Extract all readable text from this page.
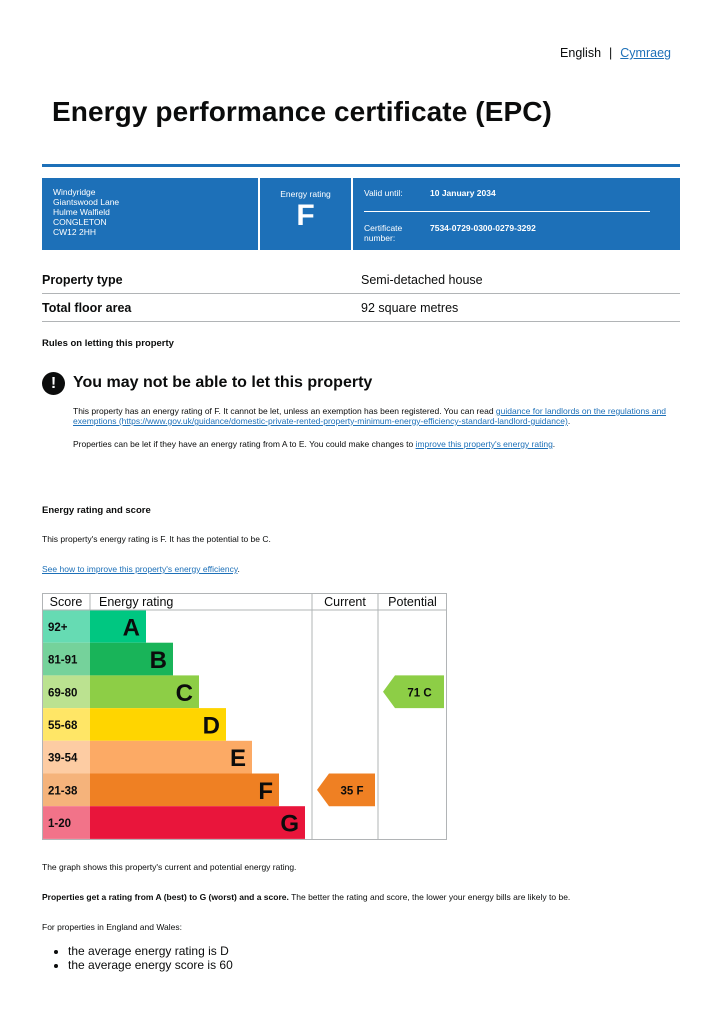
English | Cymraeg
Energy performance certificate (EPC)
Windyridge
Giantswood Lane
Hulme Walfield
CONGLETON
CW12 2HH
Energy rating
F
Valid until:	10 January 2034
Certificate
number:
7534-0729-0300-0279-3292
Property type	Semi-detached house
Total floor area	92 square metres
Rules on letting this property
!	You may not be able to let this property
This property has an energy rating of F. It cannot be let, unless an exemption has been registered. You can read guidance for landlords on the regulations and exemptions (https://www.gov.uk/guidance/domestic-private-rented-property-minimum-energy-efficiency-standard-landlord-guidance).
Properties can be let if they have an energy rating from A to E. You could make changes to improve this property's energy rating.
Energy rating and score
This property's energy rating is F. It has the potential to be C.
See how to improve this property's energy efficiency.
Score Energy rating	Current Potential
92+ A
81-91	B
69-80	C
55-68	D
39-54	E
21-38	F
1-20	G
35 F
71 C
The graph shows this property's current and potential energy rating.
Properties get a rating from A (best) to G (worst) and a score. The better the rating and score, the lower your energy bills are likely to be.
For properties in England and Wales:
• the average energy rating is D
• the average energy score is 60
